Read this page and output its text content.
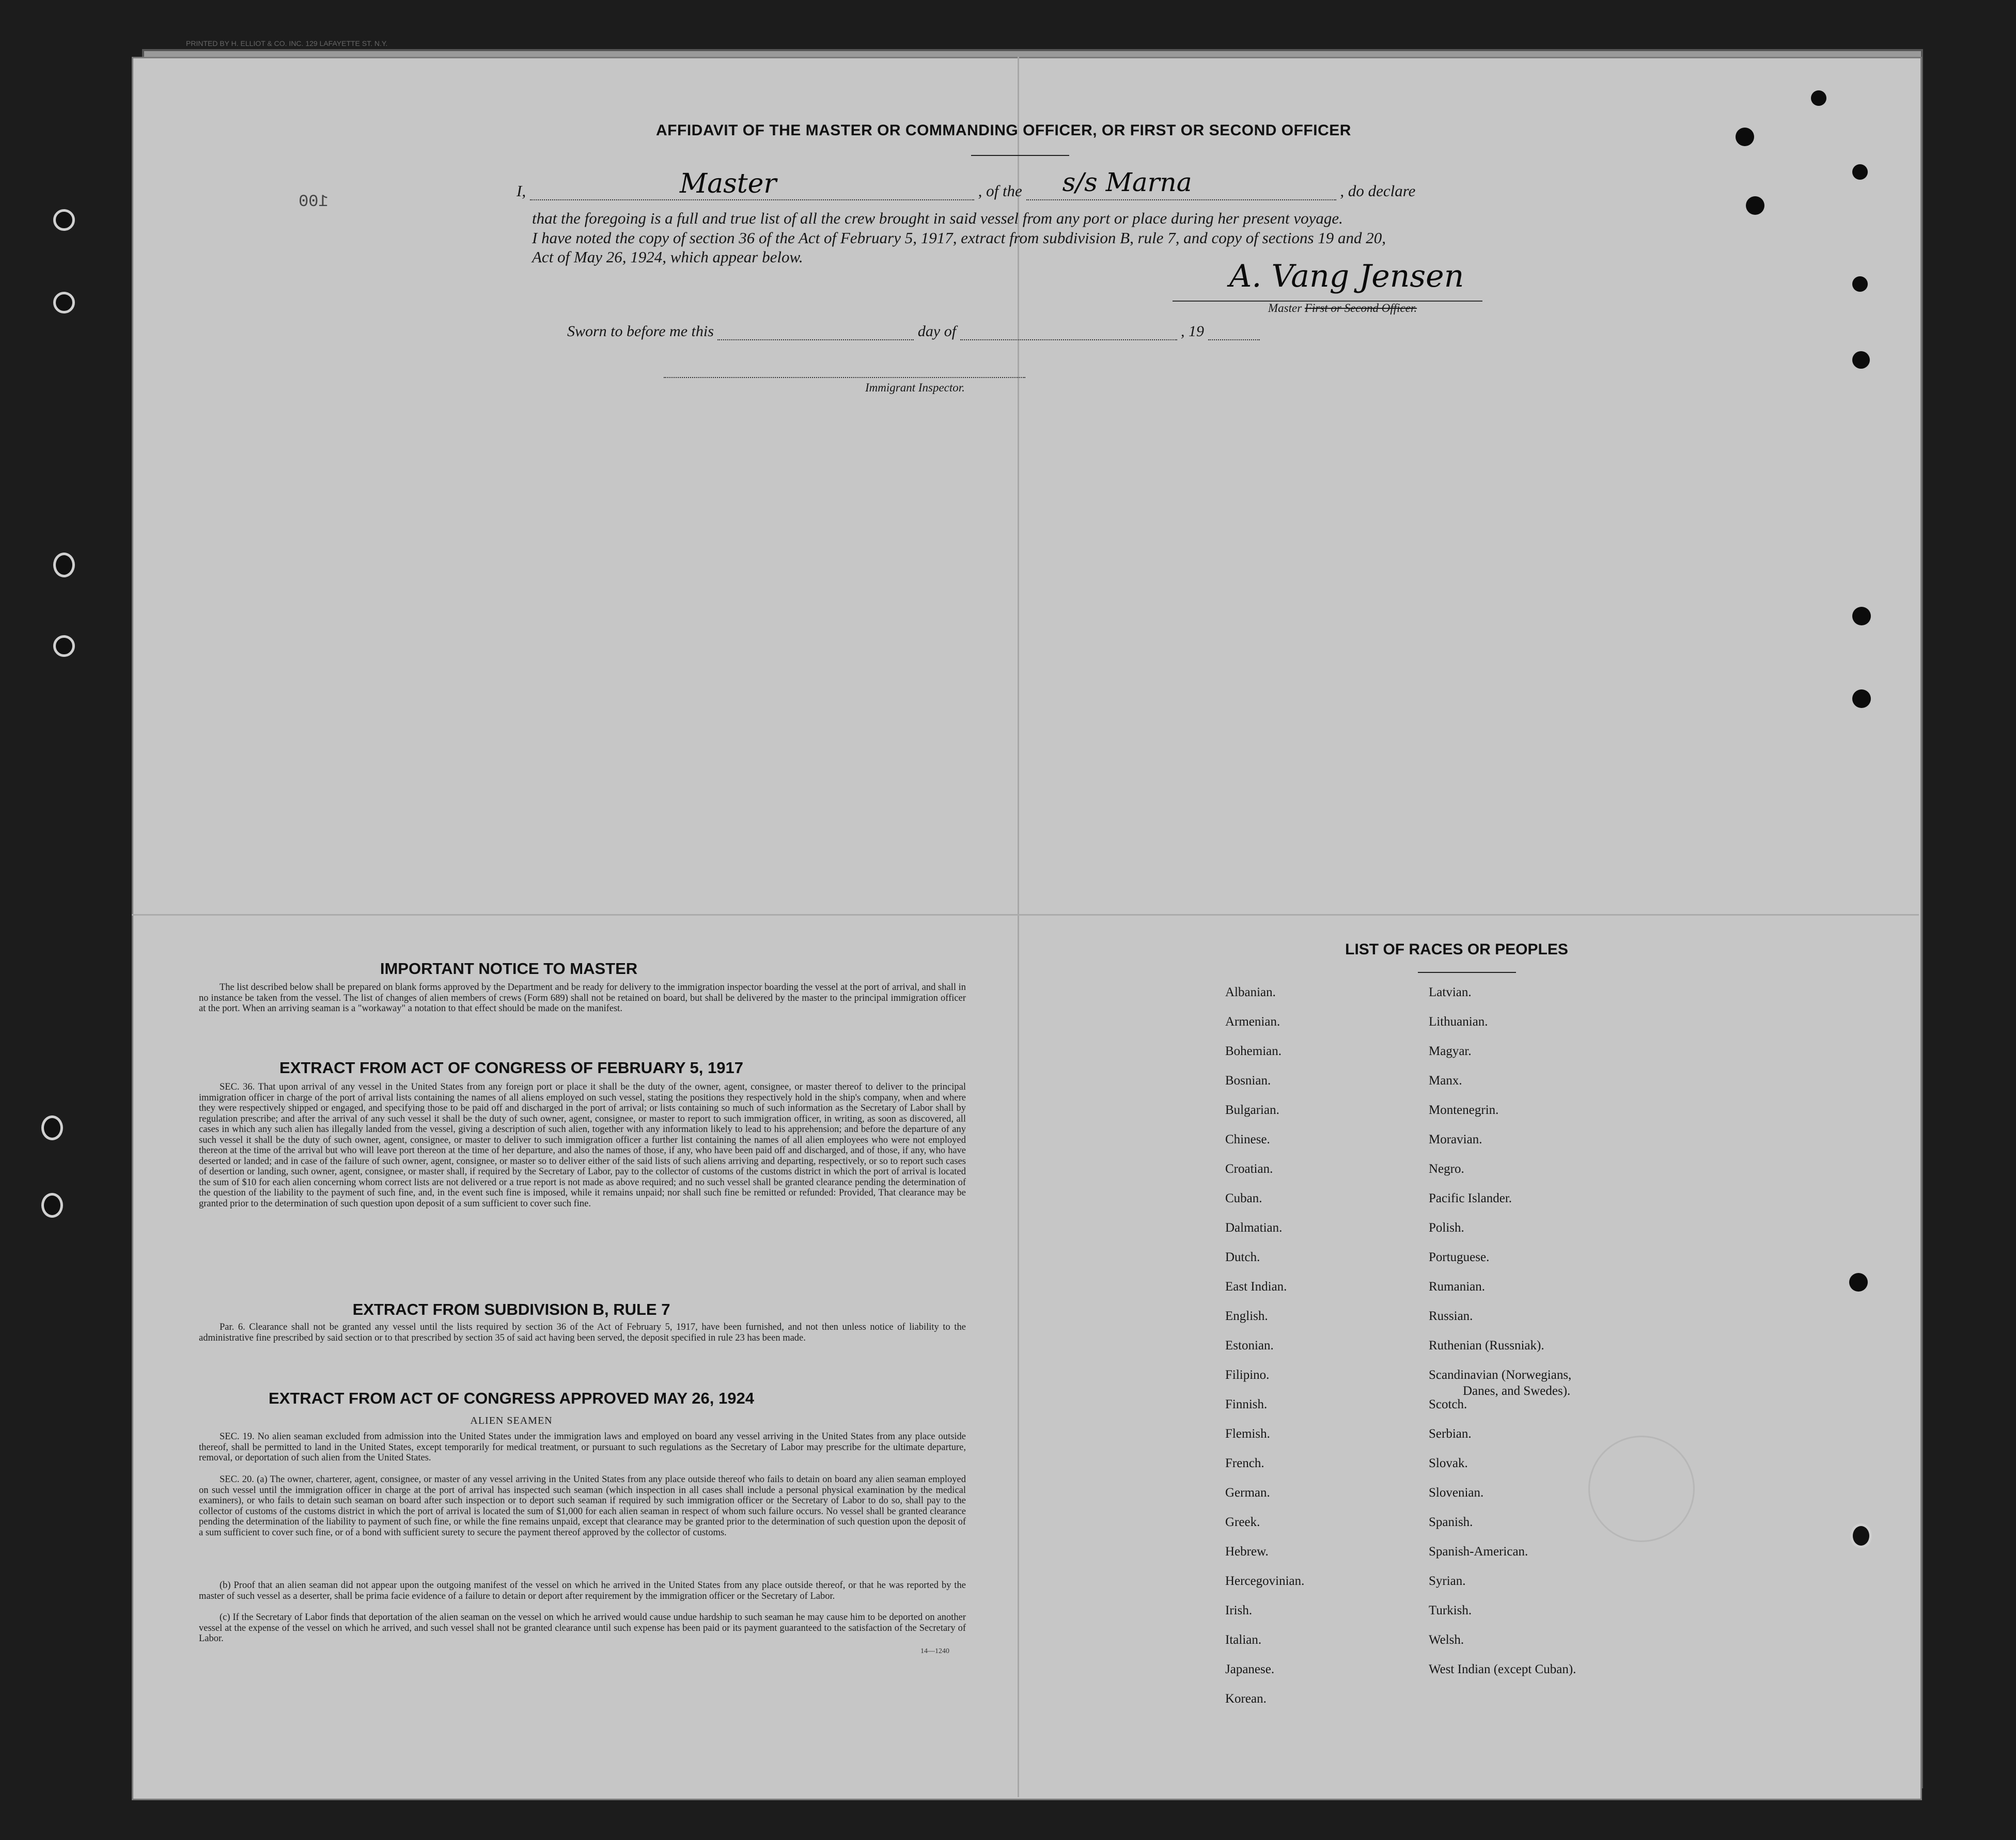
PRINTED BY H. ELLIOT & CO. INC. 129 LAFAYETTE ST. N.Y.
AFFIDAVIT OF THE MASTER OR COMMANDING OFFICER, OR FIRST OR SECOND OFFICER
I,	Master	, of the s/s Marna	, do declare
that the foregoing is a full and true list of all the crew brought in said vessel from any port or place during her present voyage.
I have noted the copy of section 36 of the Act of February 5, 1917, extract from subdivision B, rule 7, and copy of sections 19 and 20,
Act of May 26, 1924, which appear below.
A. Vang Jensen
Master First or Second Officer.
Sworn to before me this	day of	, 19
Immigrant Inspector.
100
IMPORTANT NOTICE TO MASTER
The list described below shall be prepared on blank forms approved by the Department and be ready for delivery to the immigration inspector boarding the vessel at the port of arrival, and shall in no instance be taken from the vessel. The list of changes of alien members of crews (Form 689) shall not be retained on board, but shall be delivered by the master to the principal immigration officer at the port. When an arriving seaman is a "workaway" a notation to that effect should be made on the manifest.
EXTRACT FROM ACT OF CONGRESS OF FEBRUARY 5, 1917
SEC. 36. That upon arrival of any vessel in the United States from any foreign port or place it shall be the duty of the owner, agent, consignee, or master thereof to deliver to the principal immigration officer in charge of the port of arrival lists containing the names of all aliens employed on such vessel, stating the positions they respectively hold in the ship's company, when and where they were respectively shipped or engaged, and specifying those to be paid off and discharged in the port of arrival; or lists containing so much of such information as the Secretary of Labor shall by regulation prescribe; and after the arrival of any such vessel it shall be the duty of such owner, agent, consignee, or master to report to such immigration officer, in writing, as soon as discovered, all cases in which any such alien has illegally landed from the vessel, giving a description of such alien, together with any information likely to lead to his apprehension; and before the departure of any such vessel it shall be the duty of such owner, agent, consignee, or master to deliver to such immigration officer a further list containing the names of all alien employees who were not employed thereon at the time of the arrival but who will leave port thereon at the time of her departure, and also the names of those, if any, who have been paid off and discharged, and of those, if any, who have deserted or landed; and in case of the failure of such owner, agent, consignee, or master so to deliver either of the said lists of such aliens arriving and departing, respectively, or so to report such cases of desertion or landing, such owner, agent, consignee, or master shall, if required by the Secretary of Labor, pay to the collector of customs of the customs district in which the port of arrival is located the sum of $10 for each alien concerning whom correct lists are not delivered or a true report is not made as above required; and no such vessel shall be granted clearance pending the determination of the question of the liability to the payment of such fine, and, in the event such fine is imposed, while it remains unpaid; nor shall such fine be remitted or refunded: Provided, That clearance may be granted prior to the determination of such question upon deposit of a sum sufficient to cover such fine.
EXTRACT FROM SUBDIVISION B, RULE 7
Par. 6. Clearance shall not be granted any vessel until the lists required by section 36 of the Act of February 5, 1917, have been furnished, and not then unless notice of liability to the administrative fine prescribed by said section or to that prescribed by section 35 of said act having been served, the deposit specified in rule 23 has been made.
EXTRACT FROM ACT OF CONGRESS APPROVED MAY 26, 1924
ALIEN SEAMEN
SEC. 19. No alien seaman excluded from admission into the United States under the immigration laws and employed on board any vessel arriving in the United States from any place outside thereof, shall be permitted to land in the United States, except temporarily for medical treatment, or pursuant to such regulations as the Secretary of Labor may prescribe for the ultimate departure, removal, or deportation of such alien from the United States.
SEC. 20. (a) The owner, charterer, agent, consignee, or master of any vessel arriving in the United States from any place outside thereof who fails to detain on board any alien seaman employed on such vessel until the immigration officer in charge at the port of arrival has inspected such seaman (which inspection in all cases shall include a personal physical examination by the medical examiners), or who fails to detain such seaman on board after such inspection or to deport such seaman if required by such immigration officer or the Secretary of Labor to do so, shall pay to the collector of customs of the customs district in which the port of arrival is located the sum of $1,000 for each alien seaman in respect of whom such failure occurs. No vessel shall be granted clearance pending the determination of the liability to payment of such fine, or while the fine remains unpaid, except that clearance may be granted prior to the determination of such question upon the deposit of a sum sufficient to cover such fine, or of a bond with sufficient surety to secure the payment thereof approved by the collector of customs.
(b) Proof that an alien seaman did not appear upon the outgoing manifest of the vessel on which he arrived in the United States from any place outside thereof, or that he was reported by the master of such vessel as a deserter, shall be prima facie evidence of a failure to detain or deport after requirement by the immigration officer or the Secretary of Labor.
(c) If the Secretary of Labor finds that deportation of the alien seaman on the vessel on which he arrived would cause undue hardship to such seaman he may cause him to be deported on another vessel at the expense of the vessel on which he arrived, and such vessel shall not be granted clearance until such expense has been paid or its payment guaranteed to the satisfaction of the Secretary of Labor.
14—1240
LIST OF RACES OR PEOPLES
Albanian.
Armenian.
Bohemian.
Bosnian.
Bulgarian.
Chinese.
Croatian.
Cuban.
Dalmatian.
Dutch.
East Indian.
English.
Estonian.
Filipino.
Finnish.
Flemish.
French.
German.
Greek.
Hebrew.
Hercegovinian.
Irish.
Italian.
Japanese.
Korean.
Latvian.
Lithuanian.
Magyar.
Manx.
Montenegrin.
Moravian.
Negro.
Pacific Islander.
Polish.
Portuguese.
Rumanian.
Russian.
Ruthenian (Russniak).
Scandinavian (Norwegians,
Danes, and Swedes).
Scotch.
Serbian.
Slovak.
Slovenian.
Spanish.
Spanish-American.
Syrian.
Turkish.
Welsh.
West Indian (except Cuban).
